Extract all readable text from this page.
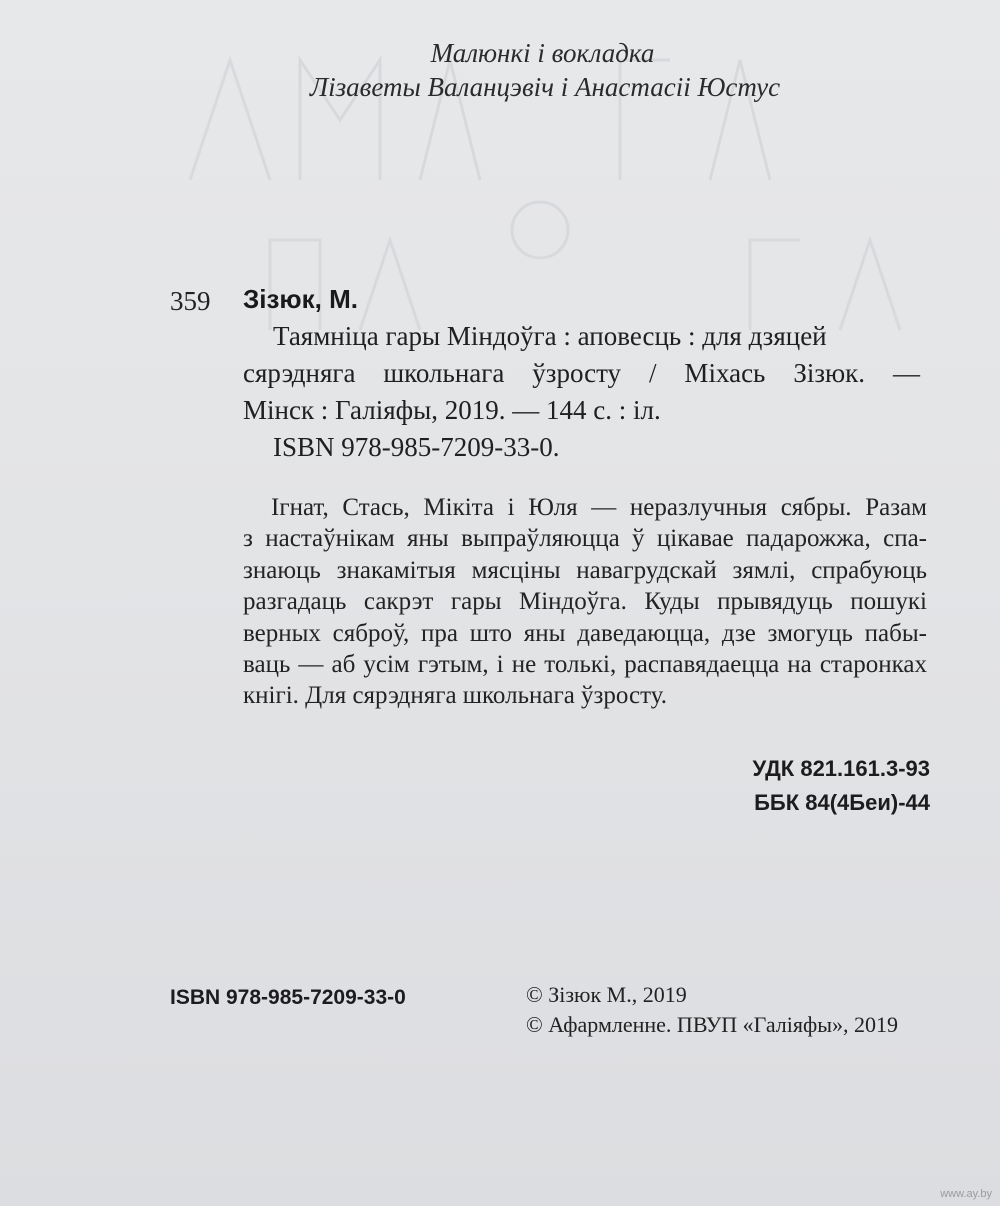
Малюнкі і вокладка
Лізаветы Валанцэвіч і Анастасіі Юстус
359 Зізюк, М.
Таямніца гары Міндоўга : аповесць : для дзяцей
сярэдняга школьнага ўзросту / Міхась Зізюк. —
Мінск : Галіяфы, 2019. — 144 с. : іл.
ISBN 978-985-7209-33-0.
Ігнат, Стась, Мікіта і Юля — неразлучныя сябры. Разам
з настаўнікам яны выпраўляюцца ў цікавае падарожжа, спа-
знаюць знакамітыя мясціны навагрудскай зямлі, спрабуюць
разгадаць сакрэт гары Міндоўга. Куды прывядуць пошукі
верных сяброў, пра што яны даведаюцца, дзе змогуць пабы-
ваць — аб усім гэтым, і не толькі, распавядаецца на старонках
кнігі. Для сярэдняга школьнага ўзросту.
УДК 821.161.3-93
ББК 84(4Беи)-44
ISBN 978-985-7209-33-0	© Зізюк М., 2019
© Афармленне. ПВУП «Галіяфы», 2019
www.ay.by
